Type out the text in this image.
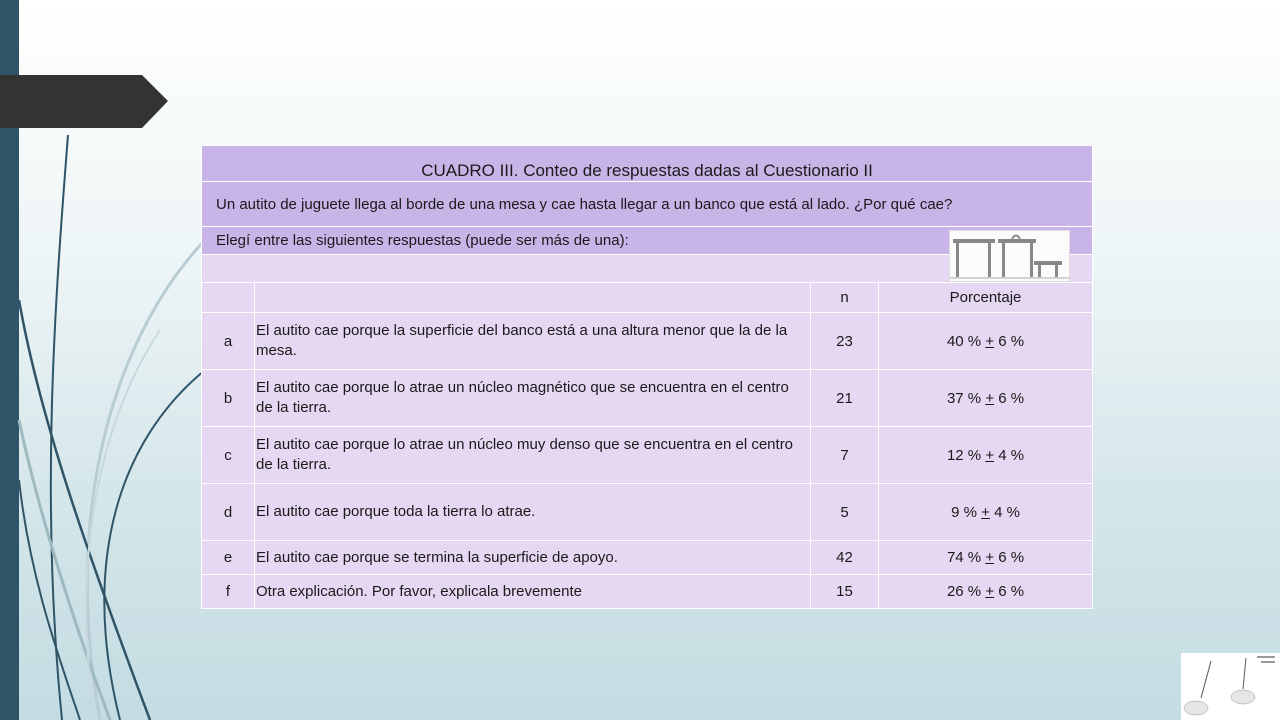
CUADRO III. Conteo de respuestas dadas al Cuestionario II			
Un autito de juguete llega al borde de una mesa y cae hasta llegar a un banco que está al lado. ¿Por qué cae?			
Elegí entre las siguientes respuestas (puede ser más de una):			

		n	Porcentaje
a	El autito cae porque la superficie del banco está a una altura menor que la de la mesa.	23	40 % + 6 %
b	El autito cae porque lo atrae un núcleo magnético que se encuentra en el centro de la tierra.	21	37 % + 6 %
c	El autito cae porque lo atrae un núcleo muy denso que se encuentra en el centro de la tierra.	7	12 % + 4 %
d	El autito cae porque toda la tierra lo atrae.	5	9 % + 4 %
e	El autito cae porque se termina la superficie de apoyo.	42	74 % + 6 %
f	Otra explicación. Por favor, explicala brevemente	15	26 % + 6 %
